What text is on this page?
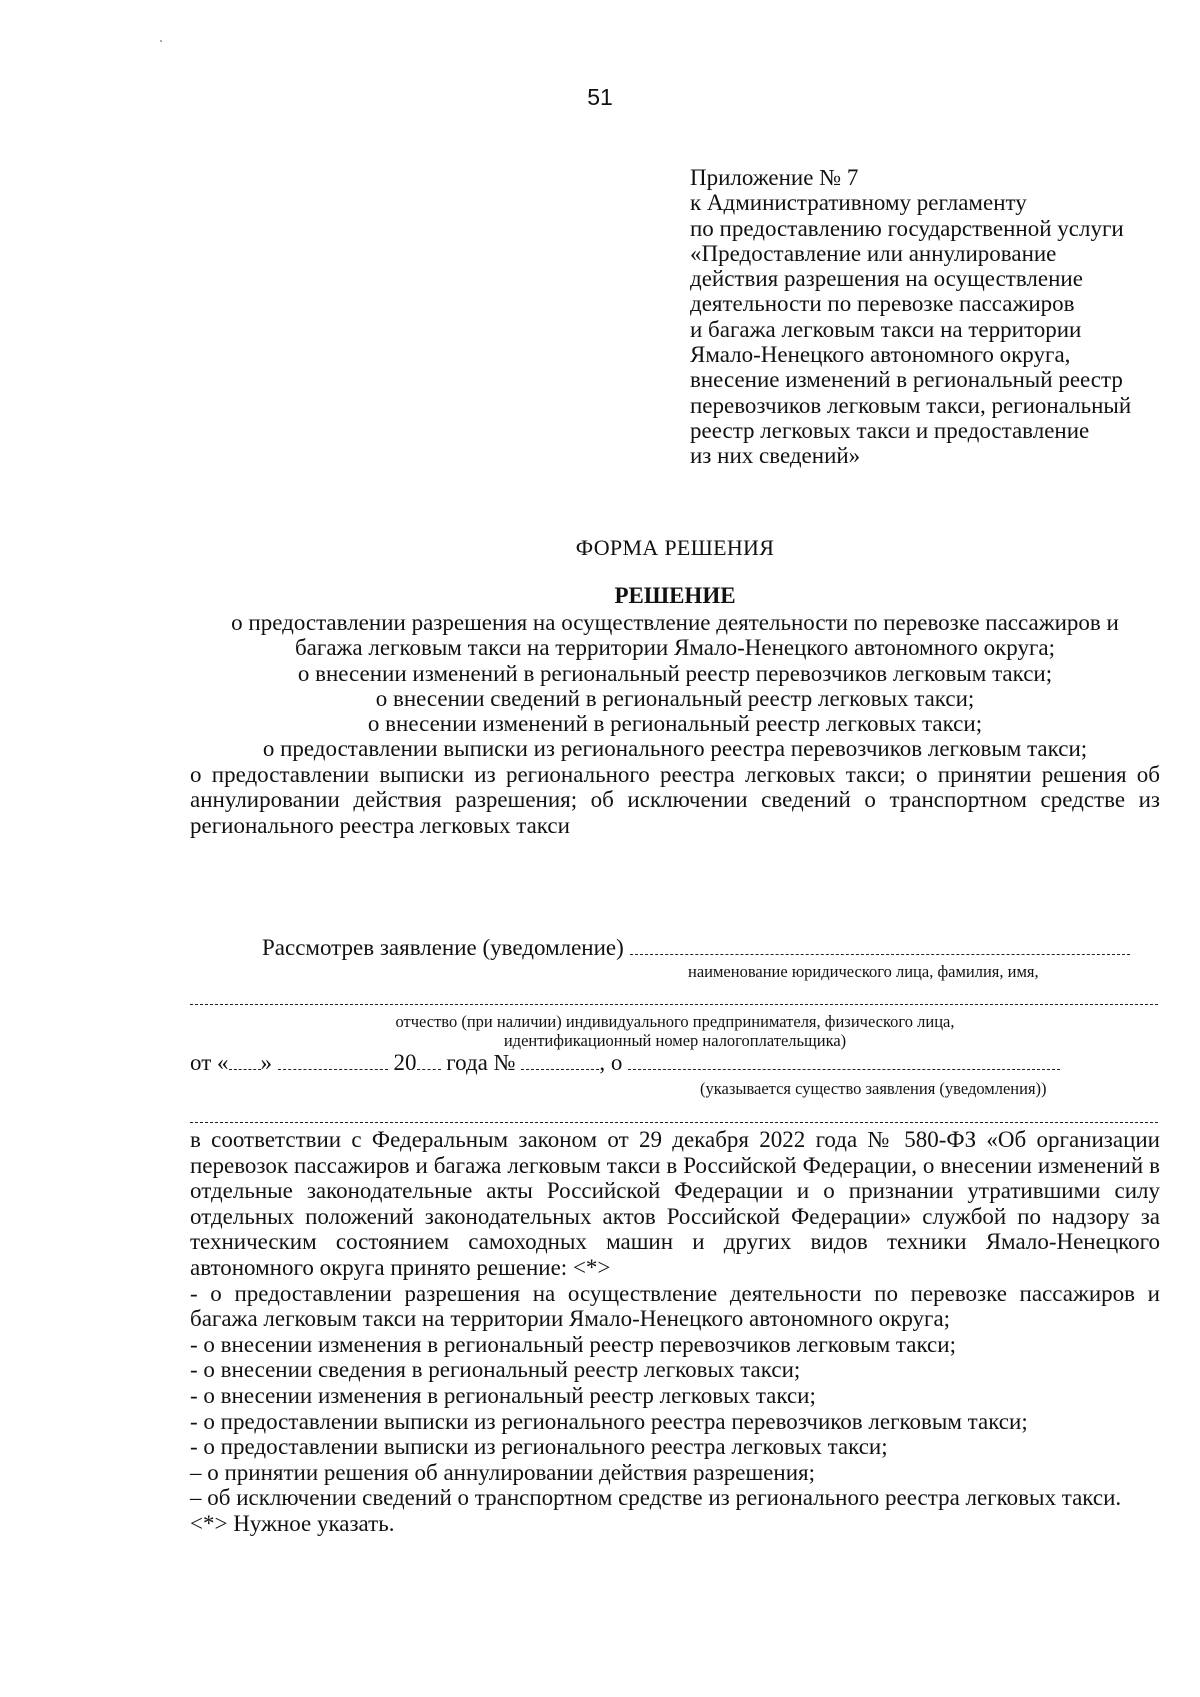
51
Приложение № 7
к Административному регламенту
по предоставлению государственной услуги
«Предоставление или аннулирование
действия разрешения на осуществление
деятельности по перевозке пассажиров
и багажа легковым такси на территории
Ямало-Ненецкого автономного округа,
внесение изменений в региональный реестр
перевозчиков легковым такси, региональный
реестр легковых такси и предоставление
из них сведений»
ФОРМА РЕШЕНИЯ
РЕШЕНИЕ
о предоставлении разрешения на осуществление деятельности по перевозке пассажиров и
багажа легковым такси на территории Ямало-Ненецкого автономного округа;
о внесении изменений в региональный реестр перевозчиков легковым такси;
о внесении сведений в региональный реестр легковых такси;
о внесении изменений в региональный реестр легковых такси;
о предоставлении выписки из регионального реестра перевозчиков легковым такси;
о предоставлении выписки из регионального реестра легковых такси; о принятии решения об аннулировании действия разрешения; об исключении сведений о транспортном средстве из регионального реестра легковых такси
Рассмотрев заявление (уведомление)
наименование юридического лица, фамилия, имя,
отчество (при наличии) индивидуального предпринимателя, физического лица,
идентификационный номер налогоплательщика)
от « »	20 года №	, о
(указывается существо заявления (уведомления))

в соответствии с Федеральным законом от 29 декабря 2022 года № 580-ФЗ «Об организации перевозок пассажиров и багажа легковым такси в Российской Федерации, о внесении изменений в отдельные законодательные акты Российской Федерации и о признании утратившими силу отдельных положений законодательных актов Российской Федерации» службой по надзору за техническим состоянием самоходных машин и других видов техники Ямало-Ненецкого автономного округа принято решение: <*>

- о предоставлении разрешения на осуществление деятельности по перевозке пассажиров и багажа легковым такси на территории Ямало-Ненецкого автономного округа;

- о внесении изменения в региональный реестр перевозчиков легковым такси;
- о внесении сведения в региональный реестр легковых такси;
- о внесении изменения в региональный реестр легковых такси;
- о предоставлении выписки из регионального реестра перевозчиков легковым такси;
- о предоставлении выписки из регионального реестра легковых такси;
– о принятии решения об аннулировании действия разрешения;

– об исключении сведений о транспортном средстве из регионального реестра легковых такси.

<*> Нужное указать.
